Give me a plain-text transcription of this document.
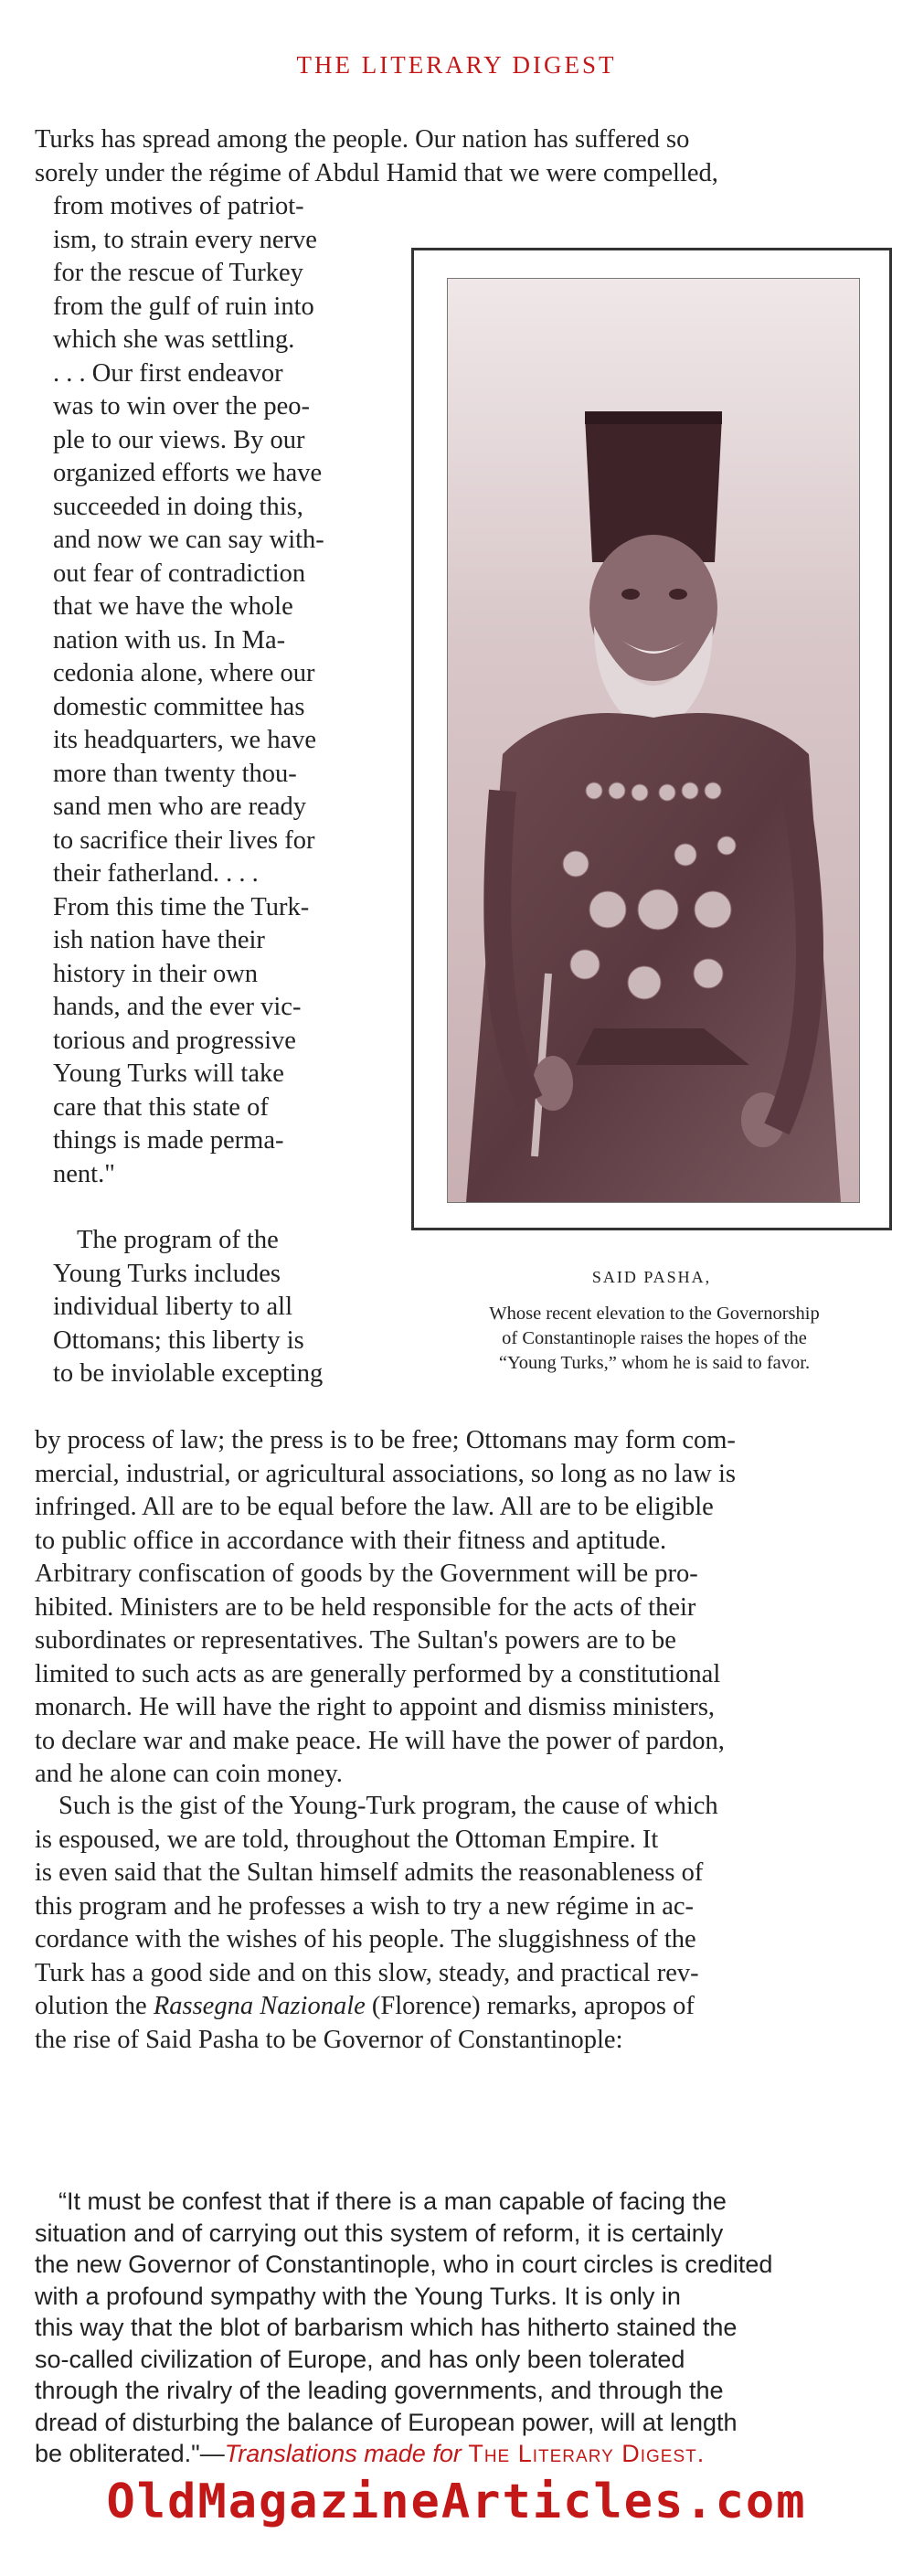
THE LITERARY DIGEST
Turks has spread among the people. Our nation has suffered so
sorely under the régime of Abdul Hamid that we were compelled,
from motives of patriot-
ism, to strain every nerve
for the rescue of Turkey
from the gulf of ruin into
which she was settling.
. . . Our first endeavor
was to win over the peo-
ple to our views. By our
organized efforts we have
succeeded in doing this,
and now we can say with-
out fear of contradiction
that we have the whole
nation with us. In Ma-
cedonia alone, where our
domestic committee has
its headquarters, we have
more than twenty thou-
sand men who are ready
to sacrifice their lives for
their fatherland. . . .
From this time the Turk-
ish nation have their
history in their own
hands, and the ever vic-
torious and progressive
Young Turks will take
care that this state of
things is made perma-
nent."
The program of the
Young Turks includes
individual liberty to all
Ottomans; this liberty is
to be inviolable excepting
SAID PASHA,
Whose recent elevation to the Governorship
of Constantinople raises the hopes of the
“Young Turks,” whom he is said to favor.
by process of law; the press is to be free; Ottomans may form com-
mercial, industrial, or agricultural associations, so long as no law is
infringed. All are to be equal before the law. All are to be eligible
to public office in accordance with their fitness and aptitude.
Arbitrary confiscation of goods by the Government will be pro-
hibited. Ministers are to be held responsible for the acts of their
subordinates or representatives. The Sultan's powers are to be
limited to such acts as are generally performed by a constitutional
monarch. He will have the right to appoint and dismiss ministers,
to declare war and make peace. He will have the power of pardon,
and he alone can coin money.
Such is the gist of the Young-Turk program, the cause of which
is espoused, we are told, throughout the Ottoman Empire. It
is even said that the Sultan himself admits the reasonableness of
this program and he professes a wish to try a new régime in ac-
cordance with the wishes of his people. The sluggishness of the
Turk has a good side and on this slow, steady, and practical rev-
olution the Rassegna Nazionale (Florence) remarks, apropos of
the rise of Said Pasha to be Governor of Constantinople:
“It must be confest that if there is a man capable of facing the
situation and of carrying out this system of reform, it is certainly
the new Governor of Constantinople, who in court circles is credited
with a profound sympathy with the Young Turks. It is only in
this way that the blot of barbarism which has hitherto stained the
so-called civilization of Europe, and has only been tolerated
through the rivalry of the leading governments, and through the
dread of disturbing the balance of European power, will at length
be obliterated."—Translations made for The Literary Digest.
OldMagazineArticles.com
